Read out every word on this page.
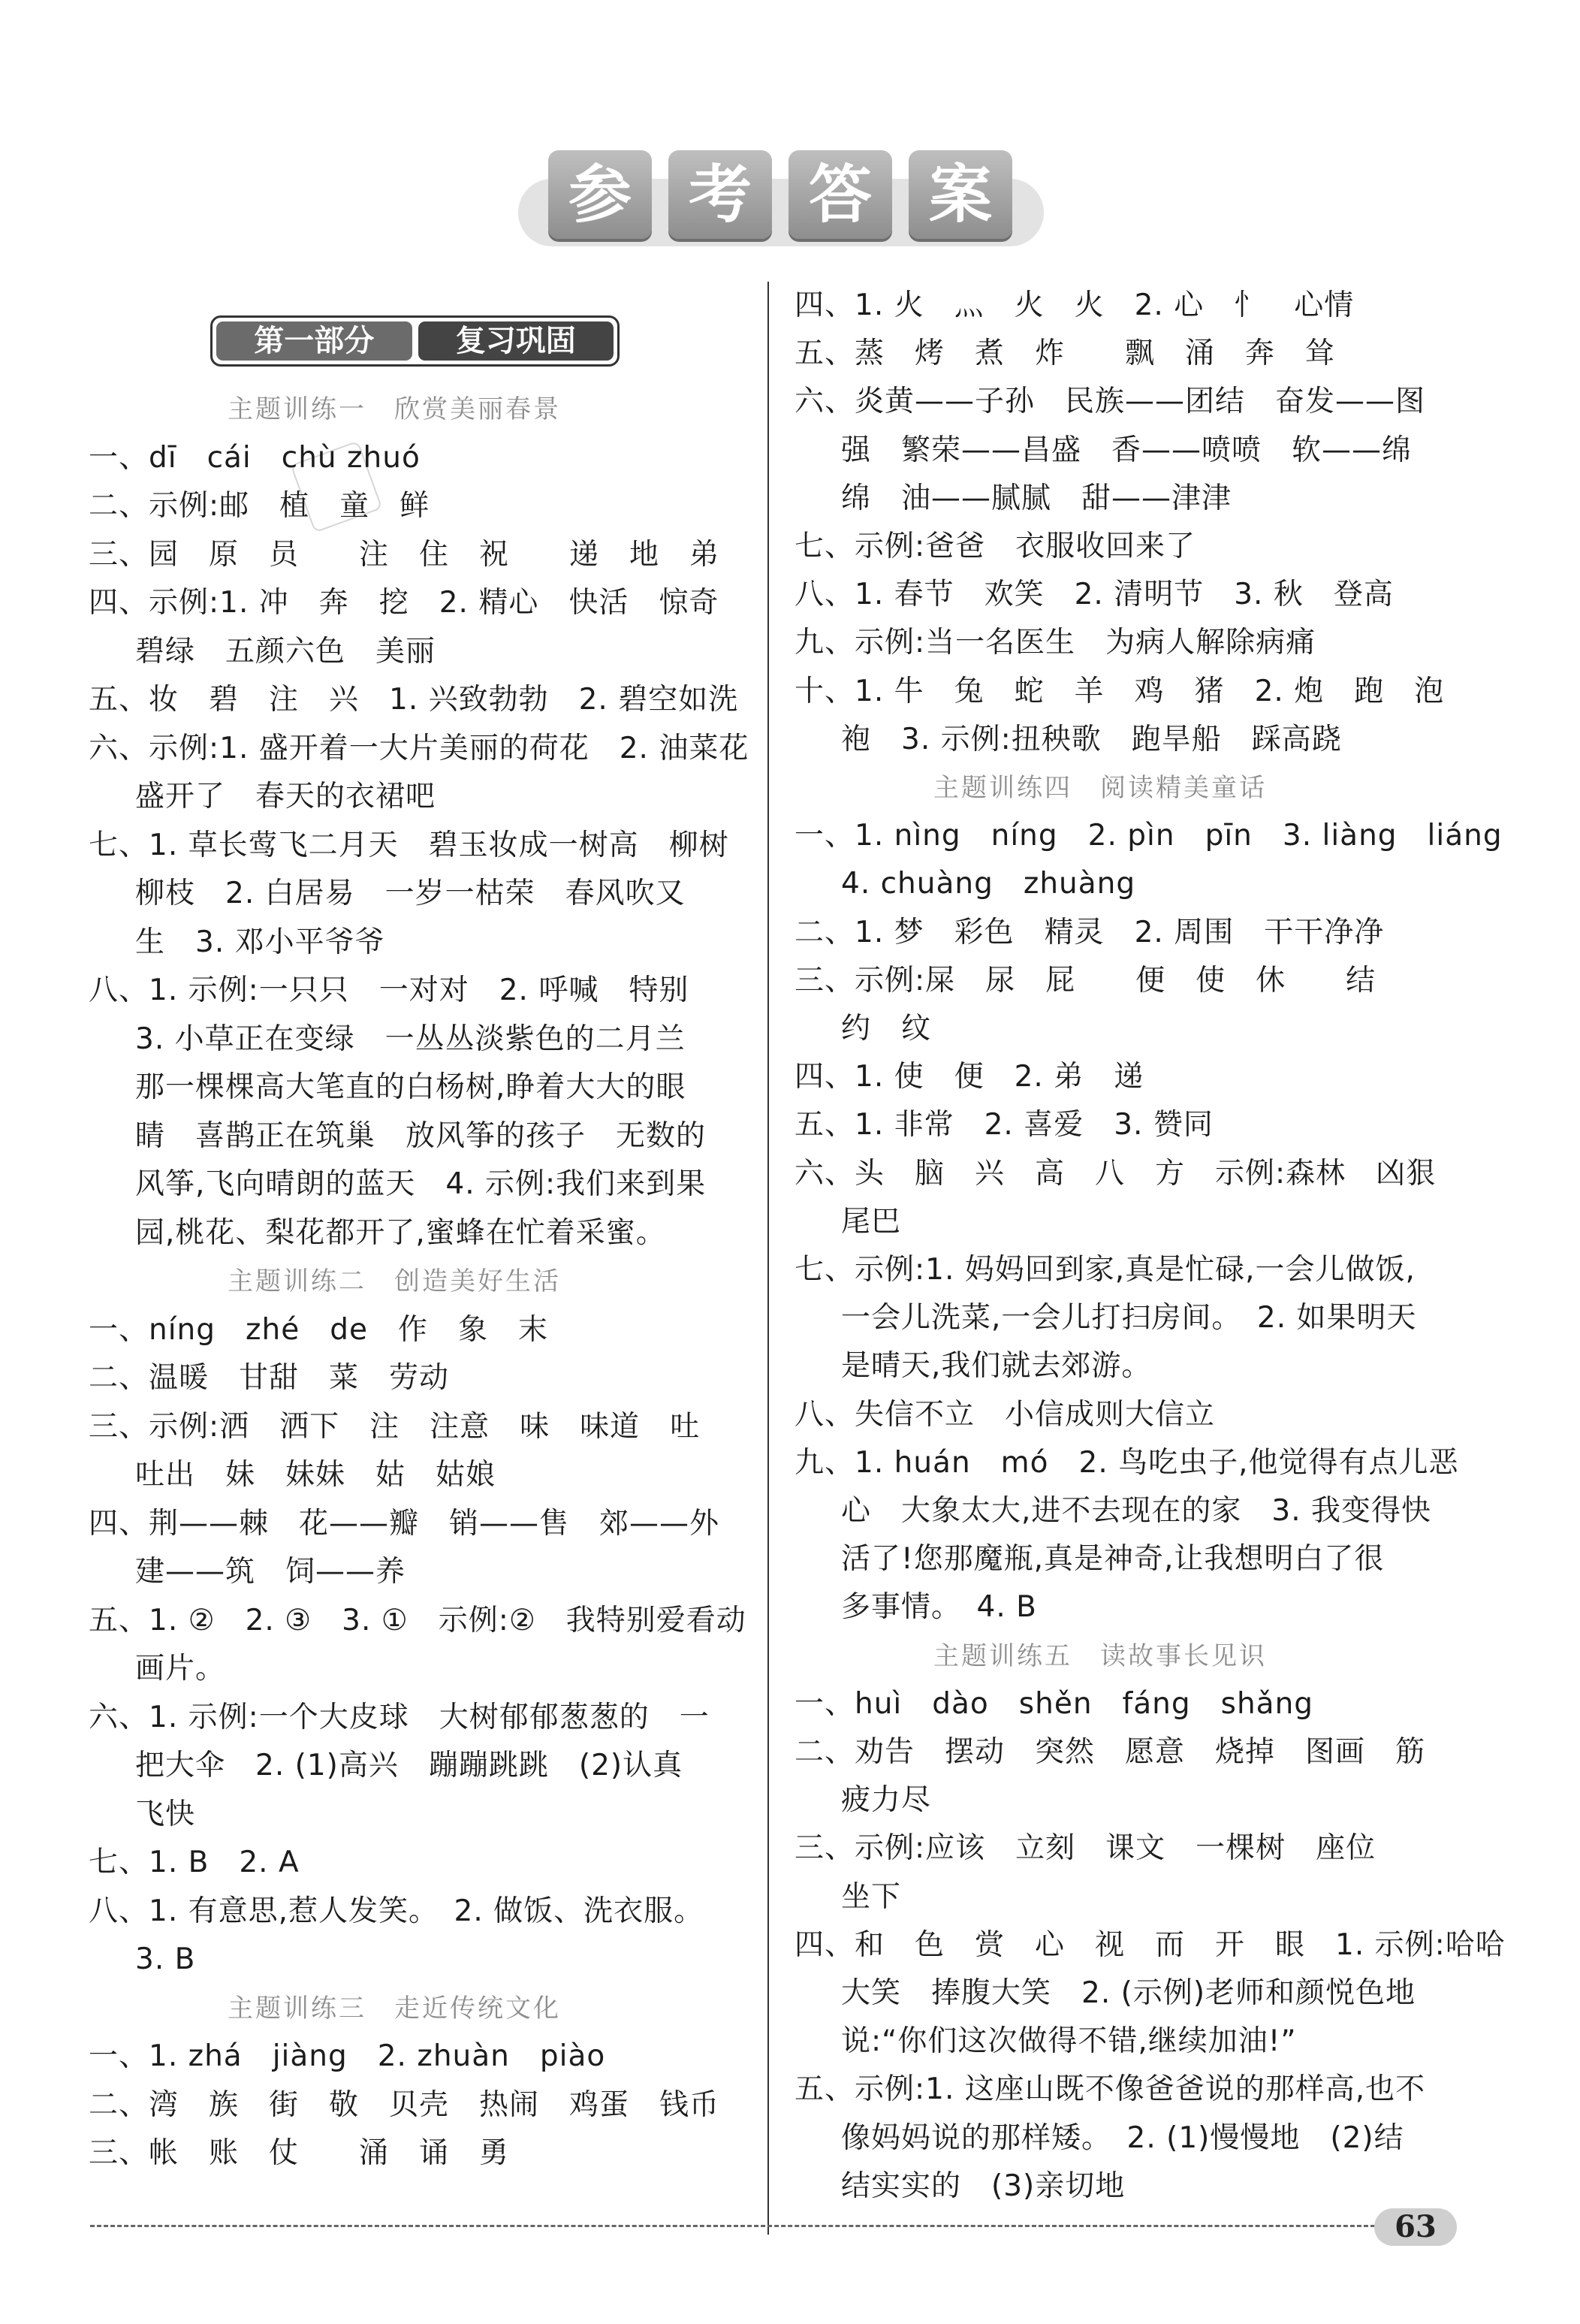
参 考 答 案
第一部分	复习巩固
主题训练一　欣赏美丽春景
一、dī　cái　chù zhuó
二、示例:邮　植　童　鲜
三、园　原　员　　注　住　祝　　递　地　弟
四、示例:1. 冲　奔　挖　2. 精心　快活　惊奇
碧绿　五颜六色　美丽
五、妆　碧　注　兴　1. 兴致勃勃　2. 碧空如洗
六、示例:1. 盛开着一大片美丽的荷花　2. 油菜花
盛开了　春天的衣裙吧
七、1. 草长莺飞二月天　碧玉妆成一树高　柳树
柳枝　2. 白居易　一岁一枯荣　春风吹又
生　3. 邓小平爷爷
八、1. 示例:一只只　一对对　2. 呼喊　特别
3. 小草正在变绿　一丛丛淡紫色的二月兰
那一棵棵高大笔直的白杨树,睁着大大的眼
睛　喜鹊正在筑巢　放风筝的孩子　无数的
风筝,飞向晴朗的蓝天　4. 示例:我们来到果
园,桃花、梨花都开了,蜜蜂在忙着采蜜。
主题训练二　创造美好生活
一、níng　zhé　de　作　象　末
二、温暖　甘甜　菜　劳动
三、示例:洒　洒下　注　注意　味　味道　吐
吐出　妹　妹妹　姑　姑娘
四、荆——棘　花——瓣　销——售　郊——外
建——筑　饲——养
五、1. ②　2. ③　3. ①　示例:②　我特别爱看动
画片。
六、1. 示例:一个大皮球　大树郁郁葱葱的　一
把大伞　2. (1)高兴　蹦蹦跳跳　(2)认真
飞快
七、1. B　2. A
八、1. 有意思,惹人发笑。　2. 做饭、洗衣服。
3. B
主题训练三　走近传统文化
一、1. zhá　jiàng　2. zhuàn　piào
二、湾　族　街　敬　贝壳　热闹　鸡蛋　钱币
三、帐　账　仗　　涌　诵　勇
四、1. 火　灬　火　火　2. 心　忄　心情
五、蒸　烤　煮　炸　　飘　涌　奔　耸
六、炎黄——子孙　民族——团结　奋发——图
强　繁荣——昌盛　香——喷喷　软——绵
绵　油——腻腻　甜——津津
七、示例:爸爸　衣服收回来了
八、1. 春节　欢笑　2. 清明节　3. 秋　登高
九、示例:当一名医生　为病人解除病痛
十、1. 牛　兔　蛇　羊　鸡　猪　2. 炮　跑　泡
袍　3. 示例:扭秧歌　跑旱船　踩高跷
主题训练四　阅读精美童话
一、1. nìng　níng　2. pìn　pīn　3. liàng　liáng
4. chuàng　zhuàng
二、1. 梦　彩色　精灵　2. 周围　干干净净
三、示例:屎　尿　屁　　便　使　休　　结
约　纹
四、1. 使　便　2. 弟　递
五、1. 非常　2. 喜爱　3. 赞同
六、头　脑　兴　高　八　方　示例:森林　凶狠
尾巴
七、示例:1. 妈妈回到家,真是忙碌,一会儿做饭,
一会儿洗菜,一会儿打扫房间。　2. 如果明天
是晴天,我们就去郊游。
八、失信不立　小信成则大信立
九、1. huán　mó　2. 鸟吃虫子,他觉得有点儿恶
心　大象太大,进不去现在的家　3. 我变得快
活了!您那魔瓶,真是神奇,让我想明白了很
多事情。　4. B
主题训练五　读故事长见识
一、huì　dào　shěn　fáng　shǎng
二、劝告　摆动　突然　愿意　烧掉　图画　筋
疲力尽
三、示例:应该　立刻　课文　一棵树　座位
坐下
四、和　色　赏　心　视　而　开　眼　1. 示例:哈哈
大笑　捧腹大笑　2. (示例)老师和颜悦色地
说:“你们这次做得不错,继续加油!”
五、示例:1. 这座山既不像爸爸说的那样高,也不
像妈妈说的那样矮。　2. (1)慢慢地　(2)结
结实实的　(3)亲切地
63
